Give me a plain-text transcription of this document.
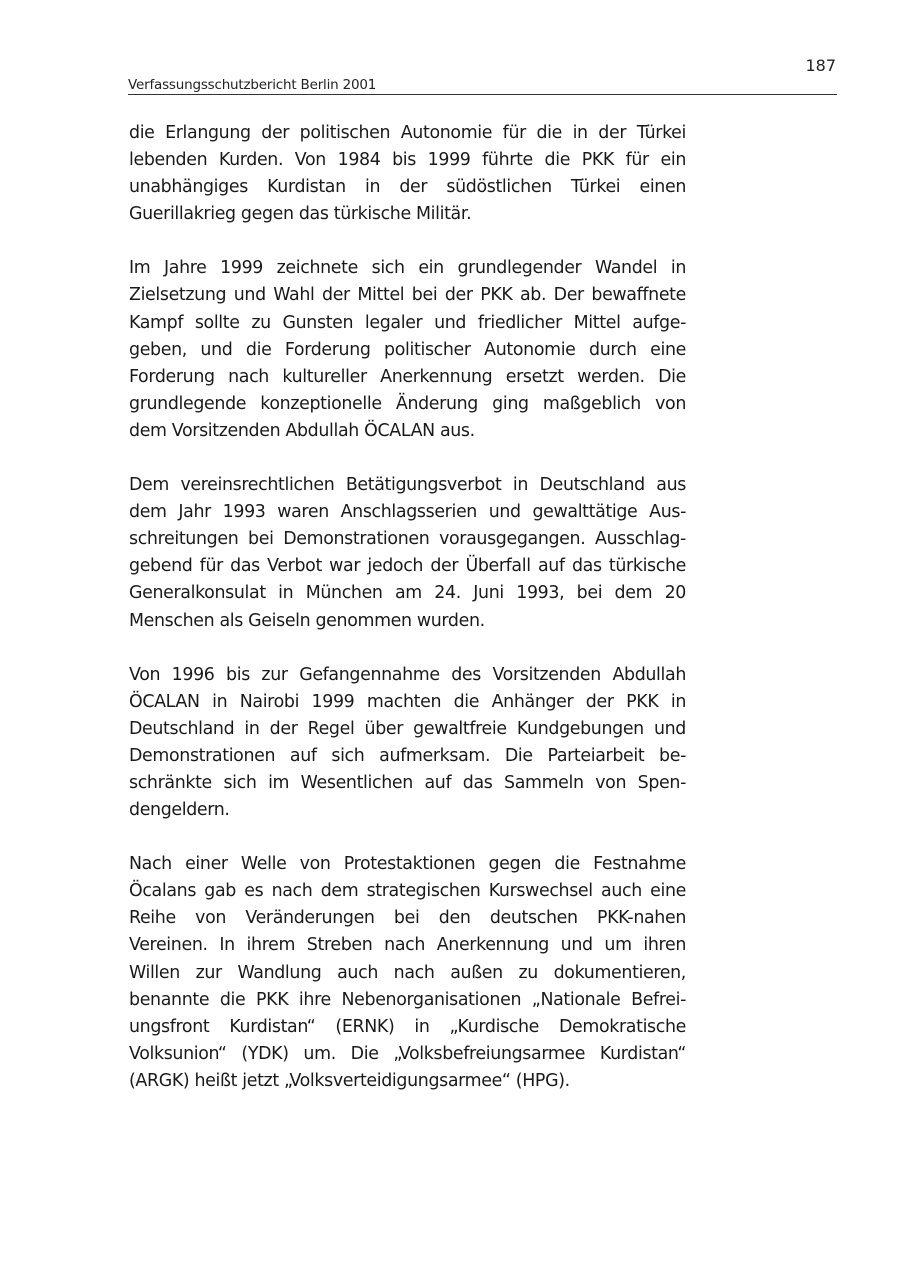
187
Verfassungsschutzbericht Berlin 2001

die Erlangung der politischen Autonomie für die in der Türkei
lebenden Kurden. Von 1984 bis 1999 führte die PKK für ein
unabhängiges Kurdistan in der südöstlichen Türkei einen
Guerillakrieg gegen das türkische Militär.

Im Jahre 1999 zeichnete sich ein grundlegender Wandel in
Zielsetzung und Wahl der Mittel bei der PKK ab. Der bewaffnete
Kampf sollte zu Gunsten legaler und friedlicher Mittel aufge-
geben, und die Forderung politischer Autonomie durch eine
Forderung nach kultureller Anerkennung ersetzt werden. Die
grundlegende konzeptionelle Änderung ging maßgeblich von
dem Vorsitzenden Abdullah ÖCALAN aus.

Dem vereinsrechtlichen Betätigungsverbot in Deutschland aus
dem Jahr 1993 waren Anschlagsserien und gewalttätige Aus-
schreitungen bei Demonstrationen vorausgegangen. Ausschlag-
gebend für das Verbot war jedoch der Überfall auf das türkische
Generalkonsulat in München am 24. Juni 1993, bei dem 20
Menschen als Geiseln genommen wurden.

Von 1996 bis zur Gefangennahme des Vorsitzenden Abdullah
ÖCALAN in Nairobi 1999 machten die Anhänger der PKK in
Deutschland in der Regel über gewaltfreie Kundgebungen und
Demonstrationen auf sich aufmerksam. Die Parteiarbeit be-
schränkte sich im Wesentlichen auf das Sammeln von Spen-
dengeldern.

Nach einer Welle von Protestaktionen gegen die Festnahme
Öcalans gab es nach dem strategischen Kurswechsel auch eine
Reihe von Veränderungen bei den deutschen PKK-nahen
Vereinen. In ihrem Streben nach Anerkennung und um ihren
Willen zur Wandlung auch nach außen zu dokumentieren,
benannte die PKK ihre Nebenorganisationen „Nationale Befrei-
ungsfront Kurdistan“ (ERNK) in „Kurdische Demokratische
Volksunion“ (YDK) um. Die „Volksbefreiungsarmee Kurdistan“
(ARGK) heißt jetzt „Volksverteidigungsarmee“ (HPG).
